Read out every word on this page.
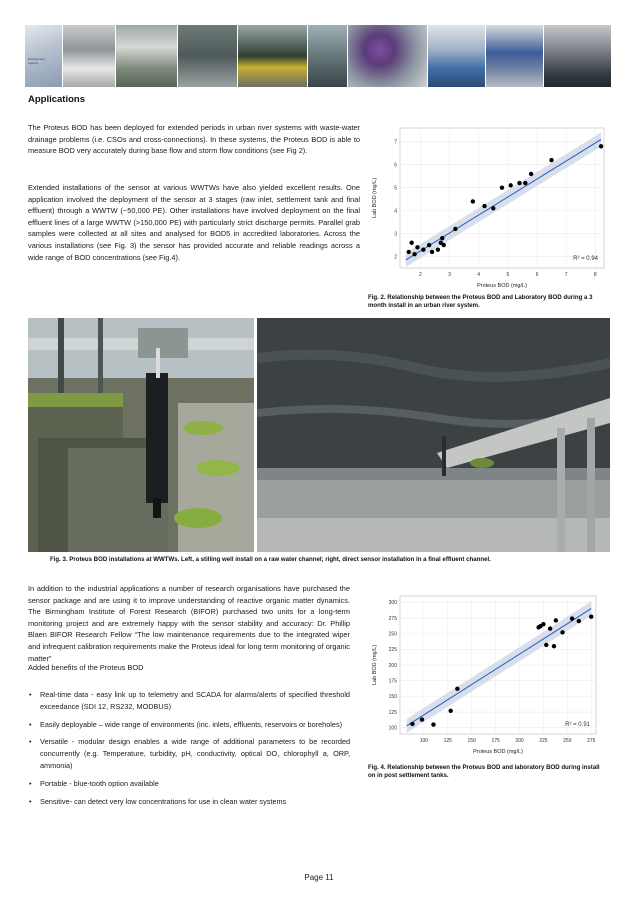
Environment
Agency
Applications

The Proteus BOD has been deployed for extended periods in urban river systems with waste-water drainage problems (i.e. CSOs and cross-connections). In these systems, the Proteus BOD is able to measure BOD very accurately during base flow and storm flow conditions (see Fig 2).

Extended installations of the sensor at various WWTWs have also yielded excellent results. One application involved the deployment of the sensor at 3 stages (raw inlet, settlement tank and final effluent) through a WWTW (~50,000 PE). Other installations have involved deployment on the final effluent lines of a large WWTW (>150,000 PE) with particularly strict discharge permits. Parallel grab samples were collected at all sites and analysed for BOD5 in accredited laboratories. Across the various installations (see Fig. 3) the sensor has provided accurate and reliable readings across a wide range of BOD concentrations (see Fig.4).

2	3	4	5	6	7	8
2
3
4
5
6
7
R² = 0.94
Proteus BOD (mg/L)
Lab BOD (mg/L)
Fig. 2. Relationship between the Proteus BOD and Laboratory BOD during a 3 month install in an urban river system.
Fig. 3. Proteus BOD installations at WWTWs. Left, a stilling well install on a raw water channel; right, direct sensor installation in a final effluent channel.

In addition to the industrial applications a number of research organisations have purchased the sensor package and are using it to improve understanding of reactive organic matter dynamics. The Birmingham Institute of Forest Research (BIFOR) purchased two units for a long-term monitoring project and are extremely happy with the sensor stability and accuracy: Dr. Phillip Blaen BIFOR Research Fellow “The low maintenance requirements due to the integrated wiper and infrequent calibration requirements make the Proteus ideal for long term monitoring of organic matter”

Added benefits of the Proteus BOD

• Real-time data - easy link up to telemetry and SCADA for alarms/alerts of specified threshold exceedance (SDI 12, RS232, MODBUS)
• Easily deployable – wide range of environments (inc. inlets, effluents, reservoirs or boreholes)
• Versatile - modular design enables a wide range of additional parameters to be recorded concurrently (e.g. Temperature, turbidity, pH, conductivity, optical DO, chlorophyll a, ORP, ammonia)
• Portable - blue-tooth option available
• Sensitive- can detect very low concentrations for use in clean water systems
100	125	150	175	200	225	250	275
100
125
150
175
200
225
250
275
300
R² = 0.91
Proteus BOD (mg/L)
Lab BOD (mg/L)
Fig. 4. Relationship between the Proteus BOD and laboratory BOD during install on in post settlement tanks.
Page 11
